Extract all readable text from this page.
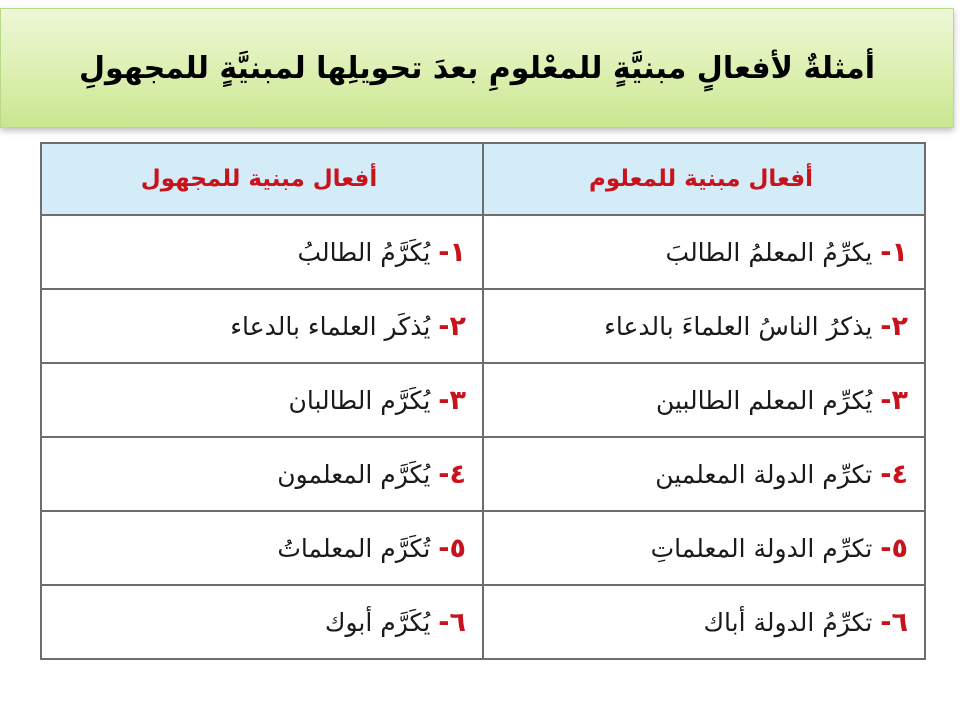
أمثلةٌ لأفعالٍ مبنيَّةٍ للمعْلومِ بعدَ تحويلِها لمبنيَّةٍ للمجهولِ
أفعال مبنية للمعلوم	أفعال مبنية للمجهول
١-يكرِّمُ المعلمُ الطالبَ	١-يُكَرَّمُ الطالبُ
٢-يذكرُ الناسُ العلماءَ بالدعاء	٢-يُذكَر العلماء بالدعاء
٣-يُكرِّم المعلم الطالبين	٣-يُكَرَّم الطالبان
٤-تكرِّم الدولة المعلمين	٤-يُكَرَّم المعلمون
٥-تكرِّم الدولة المعلماتِ	٥-تُكَرَّم المعلماتُ
٦-تكرِّمُ الدولة أباك	٦-يُكَرَّم أبوك
